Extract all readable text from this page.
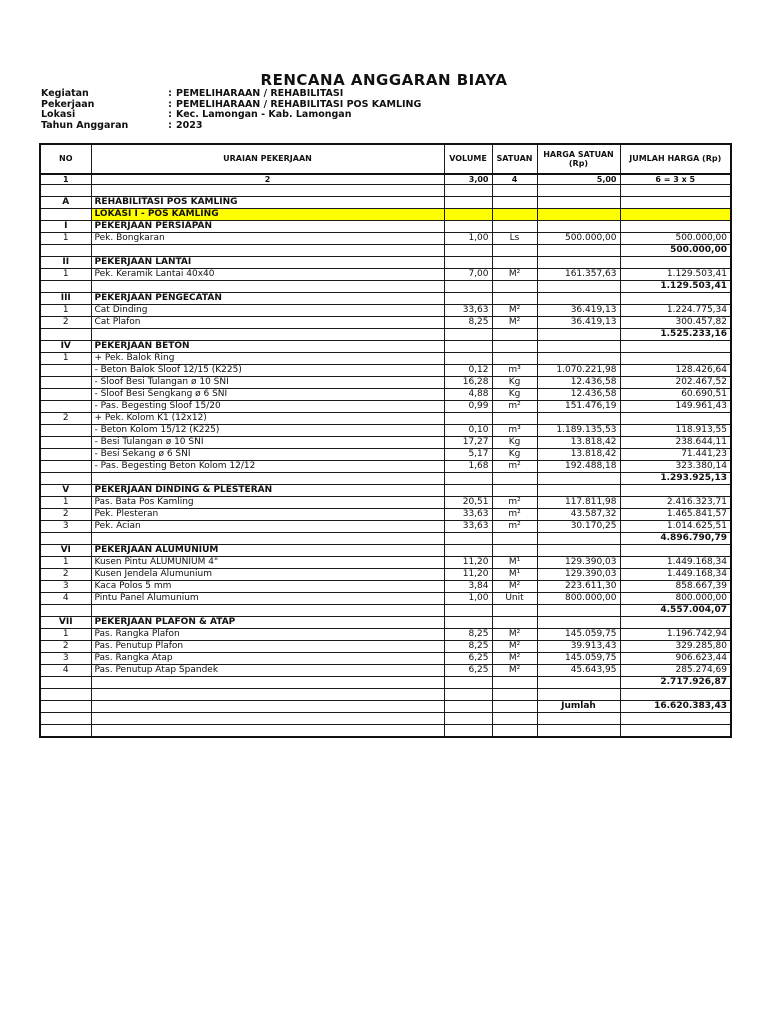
RENCANA ANGGARAN BIAYA
Kegiatan	: PEMELIHARAAN / REHABILITASI
Pekerjaan	: PEMELIHARAAN / REHABILITASI POS KAMLING
Lokasi	: Kec. Lamongan - Kab. Lamongan
Tahun Anggaran	: 2023
NO	URAIAN PEKERJAAN	VOLUME	SATUAN	HARGA SATUAN (Rp)	JUMLAH HARGA (Rp)
1	2	3,00	4	5,00	6 = 3 x 5

A	REHABILITASI POS KAMLING				
	LOKASI I - POS KAMLING				
I	PEKERJAAN PERSIAPAN				
1	Pek. Bongkaran	1,00	Ls	500.000,00	500.000,00
					500.000,00
II	PEKERJAAN LANTAI				
1	Pek. Keramik Lantai 40x40	7,00	M²	161.357,63	1.129.503,41
					1.129.503,41
III	PEKERJAAN PENGECATAN				
1	Cat Dinding	33,63	M²	36.419,13	1.224.775,34
2	Cat Plafon	8,25	M²	36.419,13	300.457,82
					1.525.233,16
IV	PEKERJAAN BETON				
1	+ Pek. Balok Ring				
	- Beton Balok Sloof 12/15 (K225)	0,12	m³	1.070.221,98	128.426,64
	- Sloof Besi Tulangan ø 10 SNI	16,28	Kg	12.436,58	202.467,52
	- Sloof Besi Sengkang ø 6 SNI	4,88	Kg	12.436,58	60.690,51
	- Pas. Begesting Sloof 15/20	0,99	m²	151.476,19	149.961,43
2	+ Pek. Kolom K1 (12x12)				
	- Beton Kolom 15/12 (K225)	0,10	m³	1.189.135,53	118.913,55
	- Besi Tulangan ø 10 SNI	17,27	Kg	13.818,42	238.644,11
	- Besi Sekang ø 6 SNI	5,17	Kg	13.818,42	71.441,23
	- Pas. Begesting Beton Kolom 12/12	1,68	m²	192.488,18	323.380,14
					1.293.925,13
V	PEKERJAAN DINDING & PLESTERAN				
1	Pas. Bata Pos Kamling	20,51	m²	117.811,98	2.416.323,71
2	Pek. Plesteran	33,63	m²	43.587,32	1.465.841,57
3	Pek. Acian	33,63	m²	30.170,25	1.014.625,51
					4.896.790,79
VI	PEKERJAAN ALUMUNIUM				
1	Kusen Pintu ALUMUNIUM 4"	11,20	M¹	129.390,03	1.449.168,34
2	Kusen Jendela Alumunium	11,20	M¹	129.390,03	1.449.168,34
3	Kaca Polos 5 mm	3,84	M²	223.611,30	858.667,39
4	Pintu Panel Alumunium	1,00	Unit	800.000,00	800.000,00
					4.557.004,07
VII	PEKERJAAN PLAFON & ATAP				
1	Pas. Rangka Plafon	8,25	M²	145.059,75	1.196.742,94
2	Pas. Penutup Plafon	8,25	M²	39.913,43	329.285,80
3	Pas. Rangka Atap	6,25	M²	145.059,75	906.623,44
4	Pas. Penutup Atap Spandek	6,25	M²	45.643,95	285.274,69
					2.717.926,87

				Jumlah	16.620.383,43
